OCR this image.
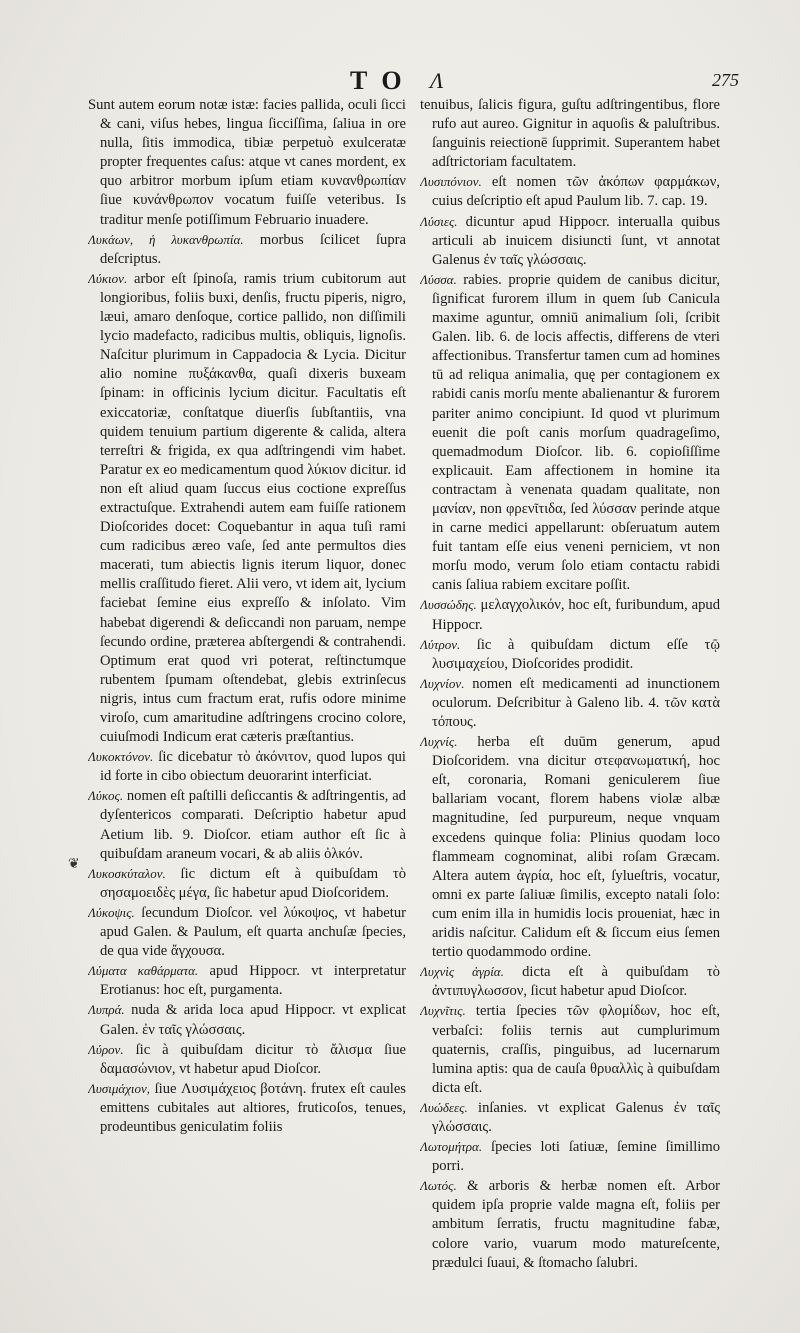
T O Λ	275
❦

Sunt autem eorum notæ istæ: facies pallida, oculi ſicci & cani, viſus hebes, lingua ſicciſſima, ſaliua in ore nulla, ſitis immodica, tibiæ perpetuò exulceratæ propter frequentes caſus: atque vt canes mordent, ex quo arbitror morbum ipſum etiam κυνανθρωπίαν ſiue κυνάνθρωπον vocatum fuiſſe veteribus. Is traditur menſe potiſſimum Februario inuadere.

Λυκάων, ἡ λυκανθρωπία. morbus ſcilicet ſupra deſcriptus.

Λύκιον. arbor eſt ſpinoſa, ramis trium cubitorum aut longioribus, foliis buxi, denſis, fructu piperis, nigro, læui, amaro denſoque, cortice pallido, non diſſimili lycio madefacto, radicibus multis, obliquis, lignoſis. Naſcitur plurimum in Cappadocia & Lycia. Dicitur alio nomine πυξάκανθα, quaſi dixeris buxeam ſpinam: in officinis lycium dicitur. Facultatis eſt exiccatoriæ, conſtatque diuerſis ſubſtantiis, vna quidem tenuium partium digerente & calida, altera terreſtri & frigida, ex qua adſtringendi vim habet. Paratur ex eo medicamentum quod λύκιον dicitur. id non eſt aliud quam ſuccus eius coctione expreſſus extractuſque. Extrahendi autem eam fuiſſe rationem Dioſcorides docet: Coquebantur in aqua tuſi rami cum radicibus æreo vaſe, ſed ante permultos dies macerati, tum abiectis lignis iterum liquor, donec mellis craſſitudo fieret. Alii vero, vt idem ait, lycium faciebat ſemine eius expreſſo & inſolato. Vim habebat digerendi & deſiccandi non paruam, nempe ſecundo ordine, præterea abſtergendi & contrahendi. Optimum erat quod vri poterat, reſtinctumque rubentem ſpumam oſtendebat, glebis extrinſecus nigris, intus cum fractum erat, rufis odore minime viroſo, cum amaritudine adſtringens crocino colore, cuiuſmodi Indicum erat cæteris præſtantius.

Λυκοκτόνον. ſic dicebatur τὸ ἀκόνιτον, quod lupos qui id forte in cibo obiectum deuorarint interficiat.

Λύκος. nomen eſt paſtilli deſiccantis & adſtringentis, ad dyſentericos comparati. Deſcriptio habetur apud Aetium lib. 9. Dioſcor. etiam author eſt ſic à quibuſdam araneum vocari, & ab aliis ὀλκόν.

Λυκοσκύταλον. ſic dictum eſt à quibuſdam τὸ σησαμοειδὲς μέγα, ſic habetur apud Dioſcoridem.

Λύκοψις. ſecundum Dioſcor. vel λύκοψος, vt habetur apud Galen. & Paulum, eſt quarta anchuſæ ſpecies, de qua vide ἄγχουσα.

Λύματα καθάρματα. apud Hippocr. vt interpretatur Erotianus: hoc eſt, purgamenta.

Λυπρά. nuda & arida loca apud Hippocr. vt explicat Galen. ἐν ταῖς γλώσσαις.

Λύρον. ſic à quibuſdam dicitur τὸ ἄλισμα ſiue δαμασώνιον, vt habetur apud Dioſcor.

Λυσιμάχιον, ſiue Λυσιμάχειος βοτάνη. frutex eſt caules emittens cubitales aut altiores, fruticoſos, tenues, prodeuntibus geniculatim foliis

tenuibus, ſalicis figura, guſtu adſtringentibus, flore rufo aut aureo. Gignitur in aquoſis & paluſtribus. ſanguinis reiectionē ſupprimit. Superantem habet adſtrictoriam facultatem.

Λυσιπόνιον. eſt nomen τῶν ἀκόπων φαρμάκων, cuius deſcriptio eſt apud Paulum lib. 7. cap. 19.

Λύσιες. dicuntur apud Hippocr. interualla quibus articuli ab inuicem disiuncti ſunt, vt annotat Galenus ἐν ταῖς γλώσσαις.

Λύσσα. rabies. proprie quidem de canibus dicitur, ſignificat furorem illum in quem ſub Canicula maxime aguntur, omniū animalium ſoli, ſcribit Galen. lib. 6. de locis affectis, differens de vteri affectionibus. Transfertur tamen cum ad homines tū ad reliqua animalia, quę per contagionem ex rabidi canis morſu mente abalienantur & furorem pariter animo concipiunt. Id quod vt plurimum euenit die poſt canis morſum quadrageſimo, quemadmodum Dioſcor. lib. 6. copioſiſſime explicauit. Eam affectionem in homine ita contractam à venenata quadam qualitate, non μανίαν, non φρενῖτιδα, ſed λύσσαν perinde atque in carne medici appellarunt: obſeruatum autem fuit tantam eſſe eius veneni perniciem, vt non morſu modo, verum ſolo etiam contactu rabidi canis ſaliua rabiem excitare poſſit.

Λυσσώδης. μελαγχολικόν, hoc eſt, furibundum, apud Hippocr.

Λύτρον. ſic à quibuſdam dictum eſſe τῷ λυσιμαχείου, Dioſcorides prodidit.

Λυχνίον. nomen eſt medicamenti ad inunctionem oculorum. Deſcribitur à Galeno lib. 4. τῶν κατὰ τόπους.

Λυχνίς. herba eſt duūm generum, apud Dioſcoridem. vna dicitur στεφανωματική, hoc eſt, coronaria, Romani geniculerem ſiue ballariam vocant, florem habens violæ albæ magnitudine, ſed purpureum, neque vnquam excedens quinque folia: Plinius quodam loco flammeam cognominat, alibi roſam Græcam. Altera autem ἀγρία, hoc eſt, ſylueſtris, vocatur, omni ex parte ſaliuæ ſimilis, excepto natali ſolo: cum enim illa in humidis locis proueniat, hæc in aridis naſcitur. Calidum eſt & ſiccum eius ſemen tertio quodammodo ordine.

Λυχνὶς ἀγρία. dicta eſt à quibuſdam τὸ ἀντιπυγλωσσον, ſicut habetur apud Dioſcor.

Λυχνῖτις. tertia ſpecies τῶν φλομίδων, hoc eſt, verbaſci: foliis ternis aut cumplurimum quaternis, craſſis, pinguibus, ad lucernarum lumina aptis: qua de cauſa θρυαλλὶς à quibuſdam dicta eſt.

Λυώδεες. inſanies. vt explicat Galenus ἐν ταῖς γλώσσαις.

Λωτομήτρα. ſpecies loti ſatiuæ, ſemine ſimillimo porri.

Λωτός. & arboris & herbæ nomen eſt. Arbor quidem ipſa proprie valde magna eſt, foliis per ambitum ſerratis, fructu magnitudine fabæ, colore vario, vuarum modo matureſcente, prædulci ſuaui, & ſtomacho ſalubri.
